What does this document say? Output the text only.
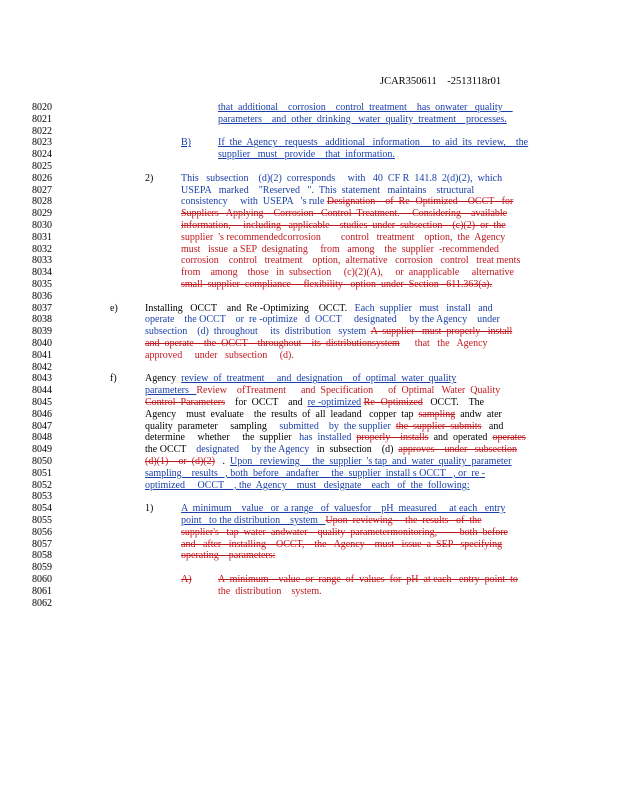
JCAR350611    -2513118r01
8020
8021
8022
8023
8024
8025
8026
8027
8028
8029
8030
8031
8032
8033
8034
8035
8036
8037
8038
8039
8040
8041
8042
8043
8044
8045
8046
8047
8048
8049
8050
8051
8052
8053
8054
8055
8056
8057
8058
8059
8060
8061
8062
that  additional    corrosion    control  treatment    has  onwater   quality
parameters    and  other  drinking   water  quality  treatment    processes.
B)	If  the  Agency   requests   additional   information     to  aid  its  review,    the
supplier   must   provide    that  information.
2)	This   subsection    (d)(2)  corresponds     with   40  CF R  141.8  2(d)(2),  which
USEPA   marked    "Reserved   ".  This  statement   maintains    structural
consistency     with  USEPA   's rule Designation    of  Re -Optimized    OCCT   for
Suppliers   Applying    Corrosion   Control  Treatment.     Considering    available
information,     including   applicable    studies  under  subsection    (c)(2)  or  the
supplier  's recommendedcorrosion        control   treatment    option,  the  Agency
must   issue  a SEP  designating     from   among    the  supplier  -recommended
corrosion    control   treatment    option,  alternative   corrosion   control   treat ments
from    among    those   in  subsection     (c)(2)(A),     or  anapplicable     alternative
small  supplier  compliance     flexibility   option  under  Section   611.363(a).
e)	Installing   OCCT    and  Re -Optimizing    OCCT.   Each  supplier   must   install   and
operate    the OCCT    or  re -optimize   d  OCCT     designated     by the Agency    under
subsection    (d)  throughout     its  distribution   system  A  supplier   must  properly   install
and  operate    the  OCCT    throughout    its  distributionsystem      that   the   Agency
approved     under   subsection     (d).
f)	Agency  review  of  treatment     and  designation    of  optimal  water  quality
parameters   Review    ofTreatment      and  Specification      of  Optimal   Water  Quality
Control  Parameters    for  OCCT    and  re -optimized Re -Optimized   OCCT.    The
Agency    must  evaluate    the  results  of  all  leadand   copper  tap  sampling  andw  ater
quality  parameter     sampling     submitted    by  the supplier  the  supplier  submits   and
determine     whether     the  supplier   has  installed  properly    installs  and  operated  operates
the OCCT    designated     by the Agency   in  subsection    (d)  approves    under   subsection
(d)(1)    or  (d)(2)   .  Upon   reviewing     the  supplier  's tap  and  water  quality  parameter
sampling    results   , both  before   andafter     the  supplier  install s OCCT   , or  re -
optimized     OCCT    , the  Agency    must   designate    each   of  the  following:
1)	A  minimum    value   or  a range   of  valuesfor    pH  measured     at each   entry
point   to the distribution    system   Upon  reviewing     the  results   of  the
supplier's   tap  water  andwater    quality  parametermonitoring,         both  before
and   after   installing    OCCT,    the   Agency    must   issue  a  SEP   specifying
operating    parameters:
A)	A  minimum    value  or  range  of  values  for  pH  at each   entry  point  to
the  distribution    system.
